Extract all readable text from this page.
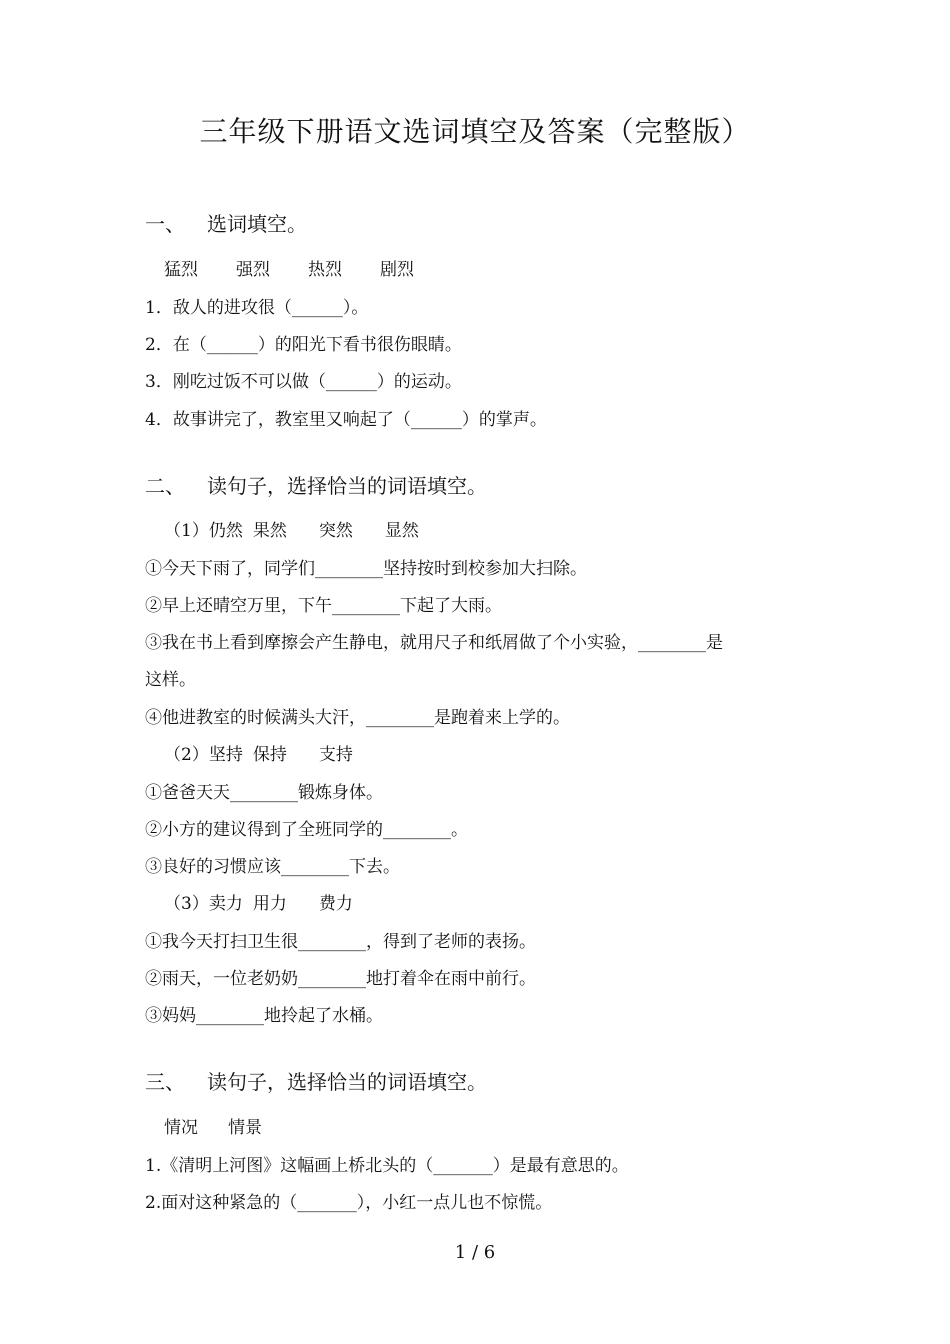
三年级下册语文选词填空及答案（完整版）
一、 选词填空。
猛烈 强烈 热烈 剧烈
1．敌人的进攻很（______）。
2．在（______）的阳光下看书很伤眼睛。
3．刚吃过饭不可以做（______）的运动。
4．故事讲完了，教室里又响起了（______）的掌声。
二、 读句子，选择恰当的词语填空。
（1）仍然 果然 突然 显然
①今天下雨了，同学们________坚持按时到校参加大扫除。
②早上还晴空万里，下午________下起了大雨。
③我在书上看到摩擦会产生静电，就用尺子和纸屑做了个小实验，________是
这样。
④他进教室的时候满头大汗，________是跑着来上学的。
（2）坚持 保持 支持
①爸爸天天________锻炼身体。
②小方的建议得到了全班同学的________。
③良好的习惯应该________下去。
（3）卖力 用力 费力
①我今天打扫卫生很________，得到了老师的表扬。
②雨天，一位老奶奶________地打着伞在雨中前行。
③妈妈________地拎起了水桶。
三、 读句子，选择恰当的词语填空。
情况 情景
1.《清明上河图》这幅画上桥北头的（_______）是最有意思的。
2.面对这种紧急的（_______），小红一点儿也不惊慌。
1 / 6
